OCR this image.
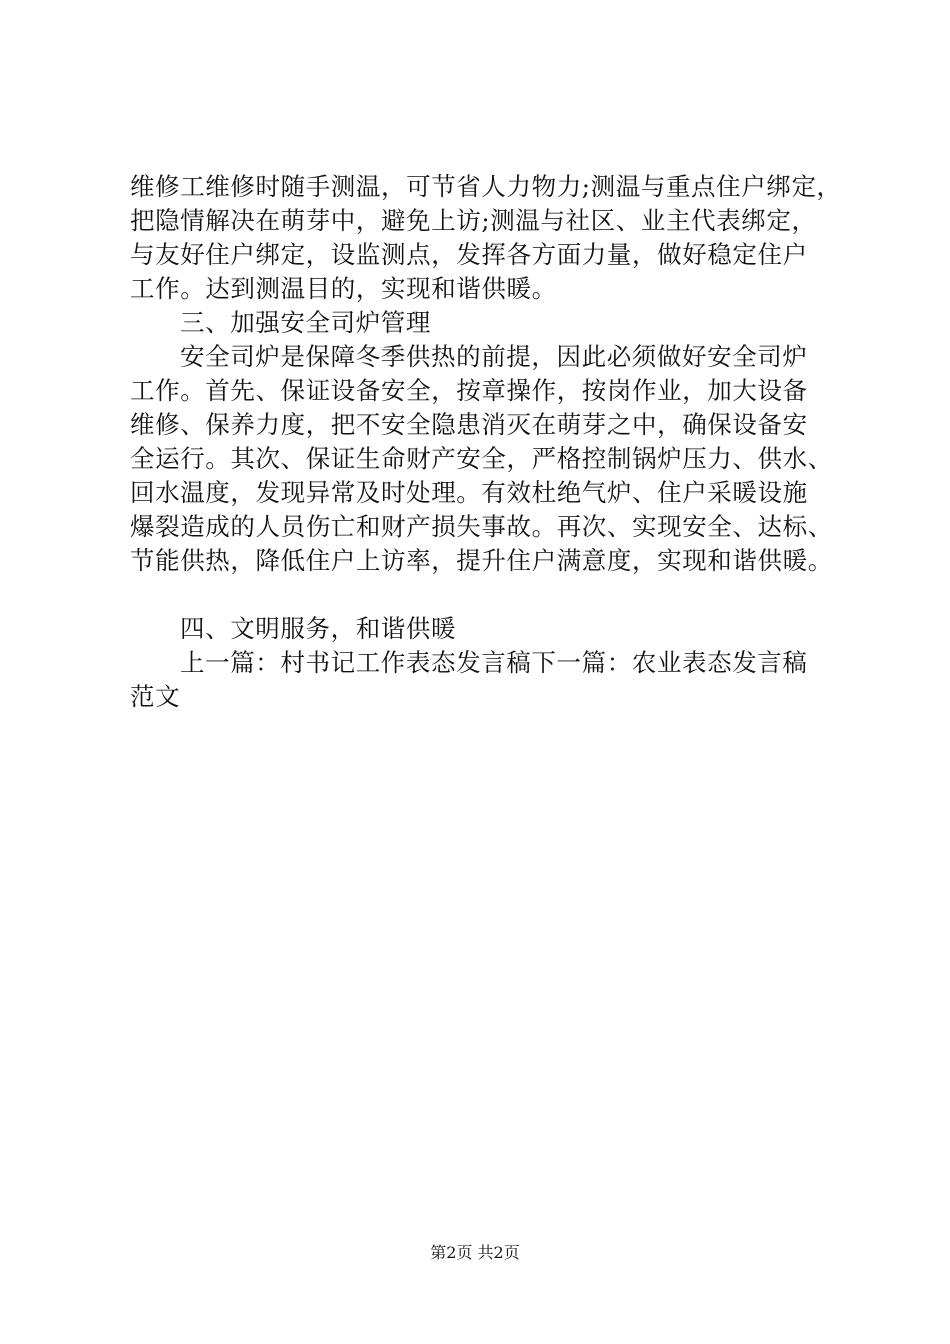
维修工维修时随手测温，可节省人力物力;测温与重点住户绑定，
把隐情解决在萌芽中，避免上访;测温与社区、业主代表绑定，
与友好住户绑定，设监测点，发挥各方面力量，做好稳定住户
工作。达到测温目的，实现和谐供暖。
三、加强安全司炉管理
安全司炉是保障冬季供热的前提，因此必须做好安全司炉
工作。首先、保证设备安全，按章操作，按岗作业，加大设备
维修、保养力度，把不安全隐患消灭在萌芽之中，确保设备安
全运行。其次、保证生命财产安全，严格控制锅炉压力、供水、
回水温度，发现异常及时处理。有效杜绝气炉、住户采暖设施
爆裂造成的人员伤亡和财产损失事故。再次、实现安全、达标、
节能供热，降低住户上访率，提升住户满意度，实现和谐供暖。
四、文明服务，和谐供暖
上一篇：村书记工作表态发言稿下一篇：农业表态发言稿
范文
第2页 共2页
